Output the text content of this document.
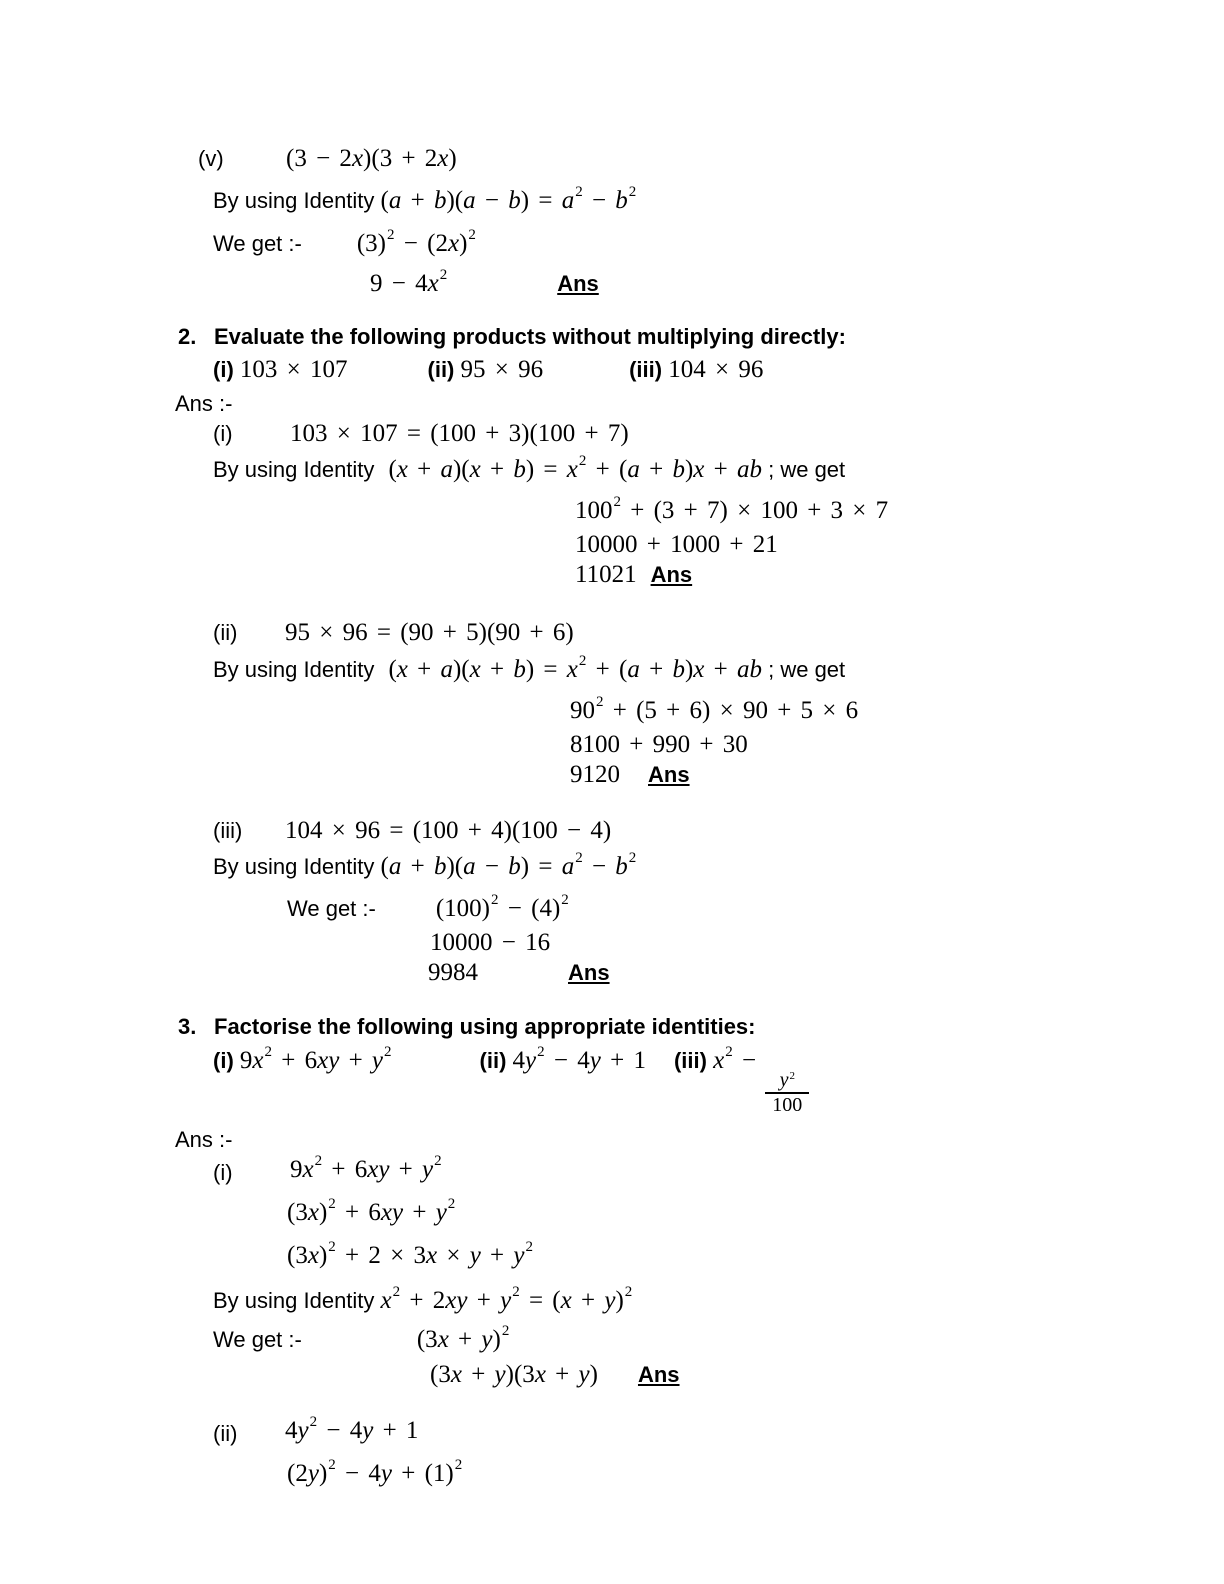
(v) (3 − 2x)(3 + 2x)
By using Identity $(a + b)(a - b) = a^2 - b^2$
We get :- $(3)^2 - (2x)^2$
$9 - 4x^2$	Ans
2. Evaluate the following products without multiplying directly:
(i) 103 × 107	(ii) 95 × 96	(iii) 104 × 96
Ans :-
(i) 103 × 107 = (100 + 3)(100 + 7)
By using Identity $(x + a)(x + b) = x^2 + (a + b)x$ + ab ; we get
$100^2 + (3 + 7) \times 100 + 3 \times 7$
10000 + 1000 + 21
11021 Ans
(ii) 95 × 96 = (90 + 5)(90 + 6)
By using Identity $(x + a)(x + b) = x^2 + (a + b)x$ + ab ; we get
$90^2 + (5 + 6) \times 90 + 5 \times 6$
8100 + 990 + 30
9120 Ans
(iii) 104 × 96 = (100 + 4)(100 − 4)
By using Identity $(a + b)(a - b) = a^2 - b^2$
We get :- $(100)^2 - (4)^2$
10000 − 16
9984	Ans
3. Factorise the following using appropriate identities:
(i) $9x^2 + 6xy + y^2$	(ii) $4y^2 - 4y + 1$ (iii) $x^2$ −
$\frac{y^2}{100}$
Ans :-
(i) $9x^2 + 6xy + y^2$
$(3x)^2 + 6xy + y^2$
$(3x)^2 + 2 \times 3x \times y + y^2$
By using Identity $x^2 + 2xy + y^2 = (x + y)^2$
We get :-	$(3x + y)^2$
(3x + y)(3x + y) Ans
(ii) $4y^2 - 4y + 1$
$(2y)^2 - 4y + (1)^2$
